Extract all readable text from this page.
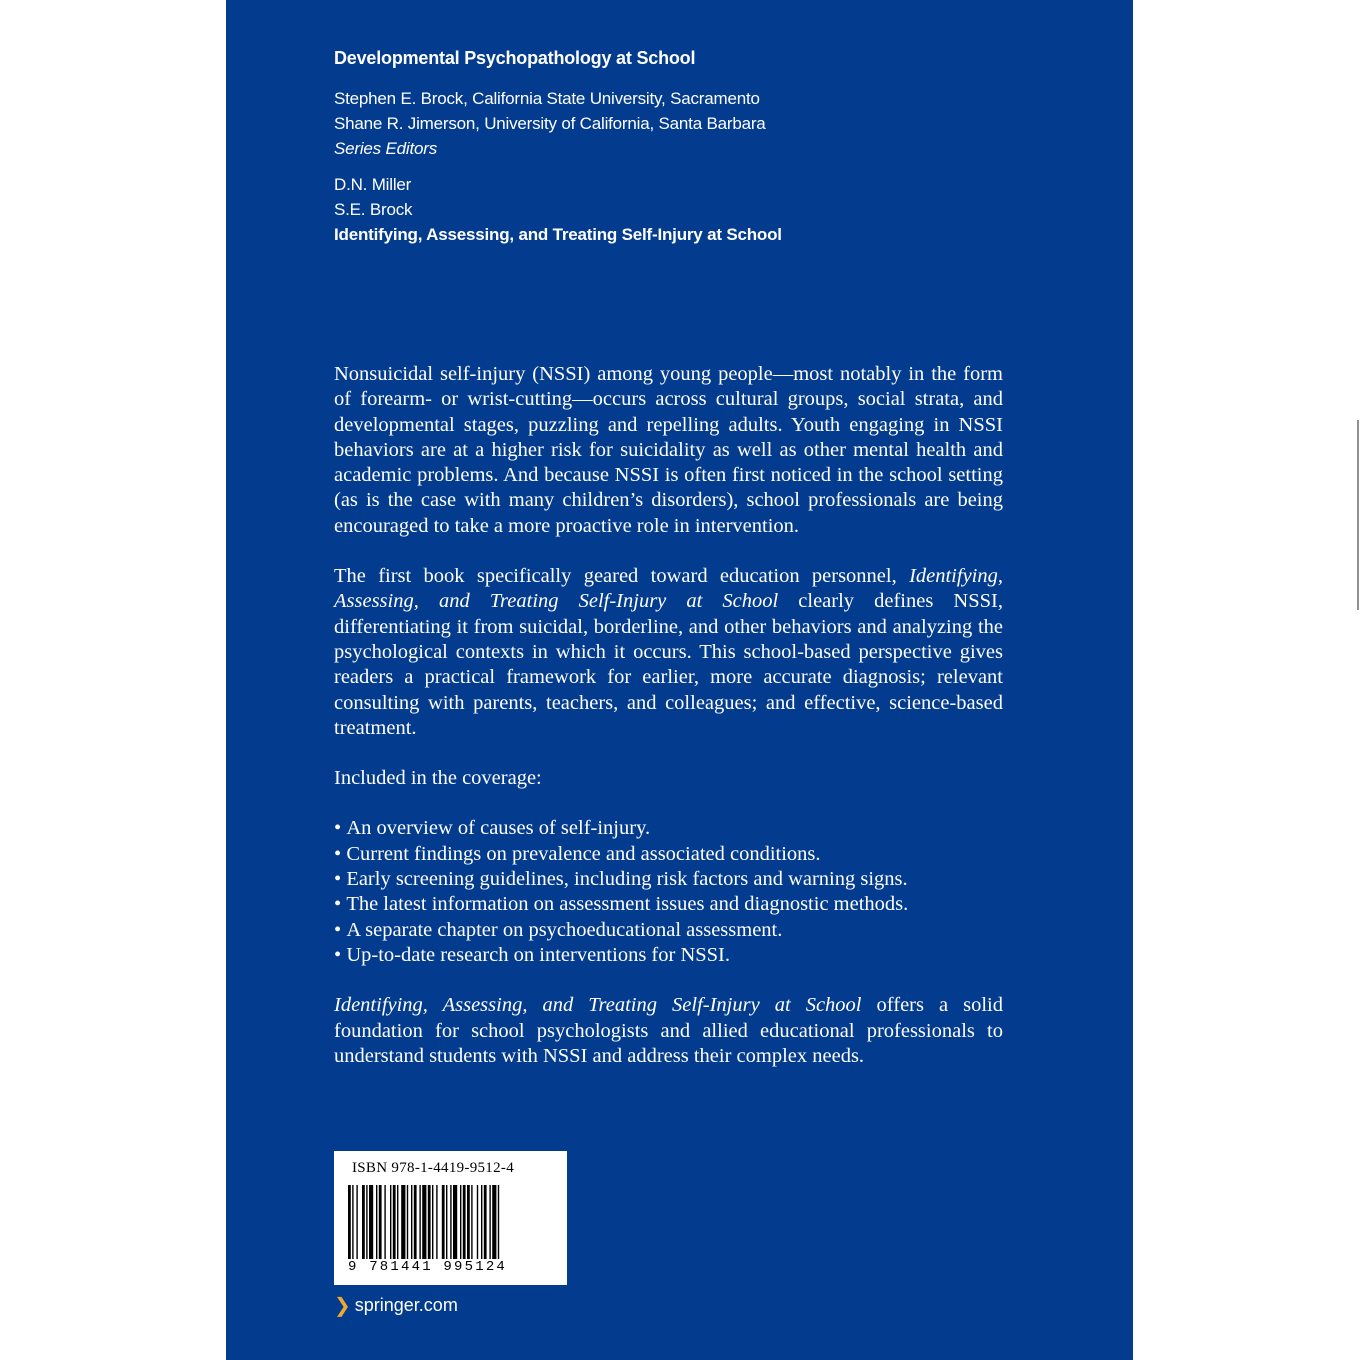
Developmental Psychopathology at School
Stephen E. Brock, California State University, Sacramento
Shane R. Jimerson, University of California, Santa Barbara
Series Editors
D.N. Miller
S.E. Brock
Identifying, Assessing, and Treating Self-Injury at School

Nonsuicidal self-injury (NSSI) among young people—most notably in the form of forearm- or wrist-cutting—occurs across cultural groups, social strata, and developmental stages, puzzling and repelling adults. Youth engaging in NSSI behaviors are at a higher risk for suicidality as well as other mental health and academic problems. And because NSSI is often first noticed in the school setting (as is the case with many children’s disorders), school professionals are being encouraged to take a more proactive role in intervention.

The first book specifically geared toward education personnel, Identifying, Assessing, and Treating Self-Injury at School clearly defines NSSI, differentiating it from suicidal, borderline, and other behaviors and analyzing the psychological contexts in which it occurs. This school-based perspective gives readers a practical framework for earlier, more accurate diagnosis; relevant consulting with parents, teachers, and colleagues; and effective, science-based treatment.

Included in the coverage:

• An overview of causes of self-injury.
• Current findings on prevalence and associated conditions.
• Early screening guidelines, including risk factors and warning signs.
• The latest information on assessment issues and diagnostic methods.
• A separate chapter on psychoeducational assessment.
• Up-to-date research on interventions for NSSI.

Identifying, Assessing, and Treating Self-Injury at School offers a solid foundation for school psychologists and allied educational professionals to understand students with NSSI and address their complex needs.

ISBN 978-1-4419-9512-4
9 781441 995124
❯ springer.com
